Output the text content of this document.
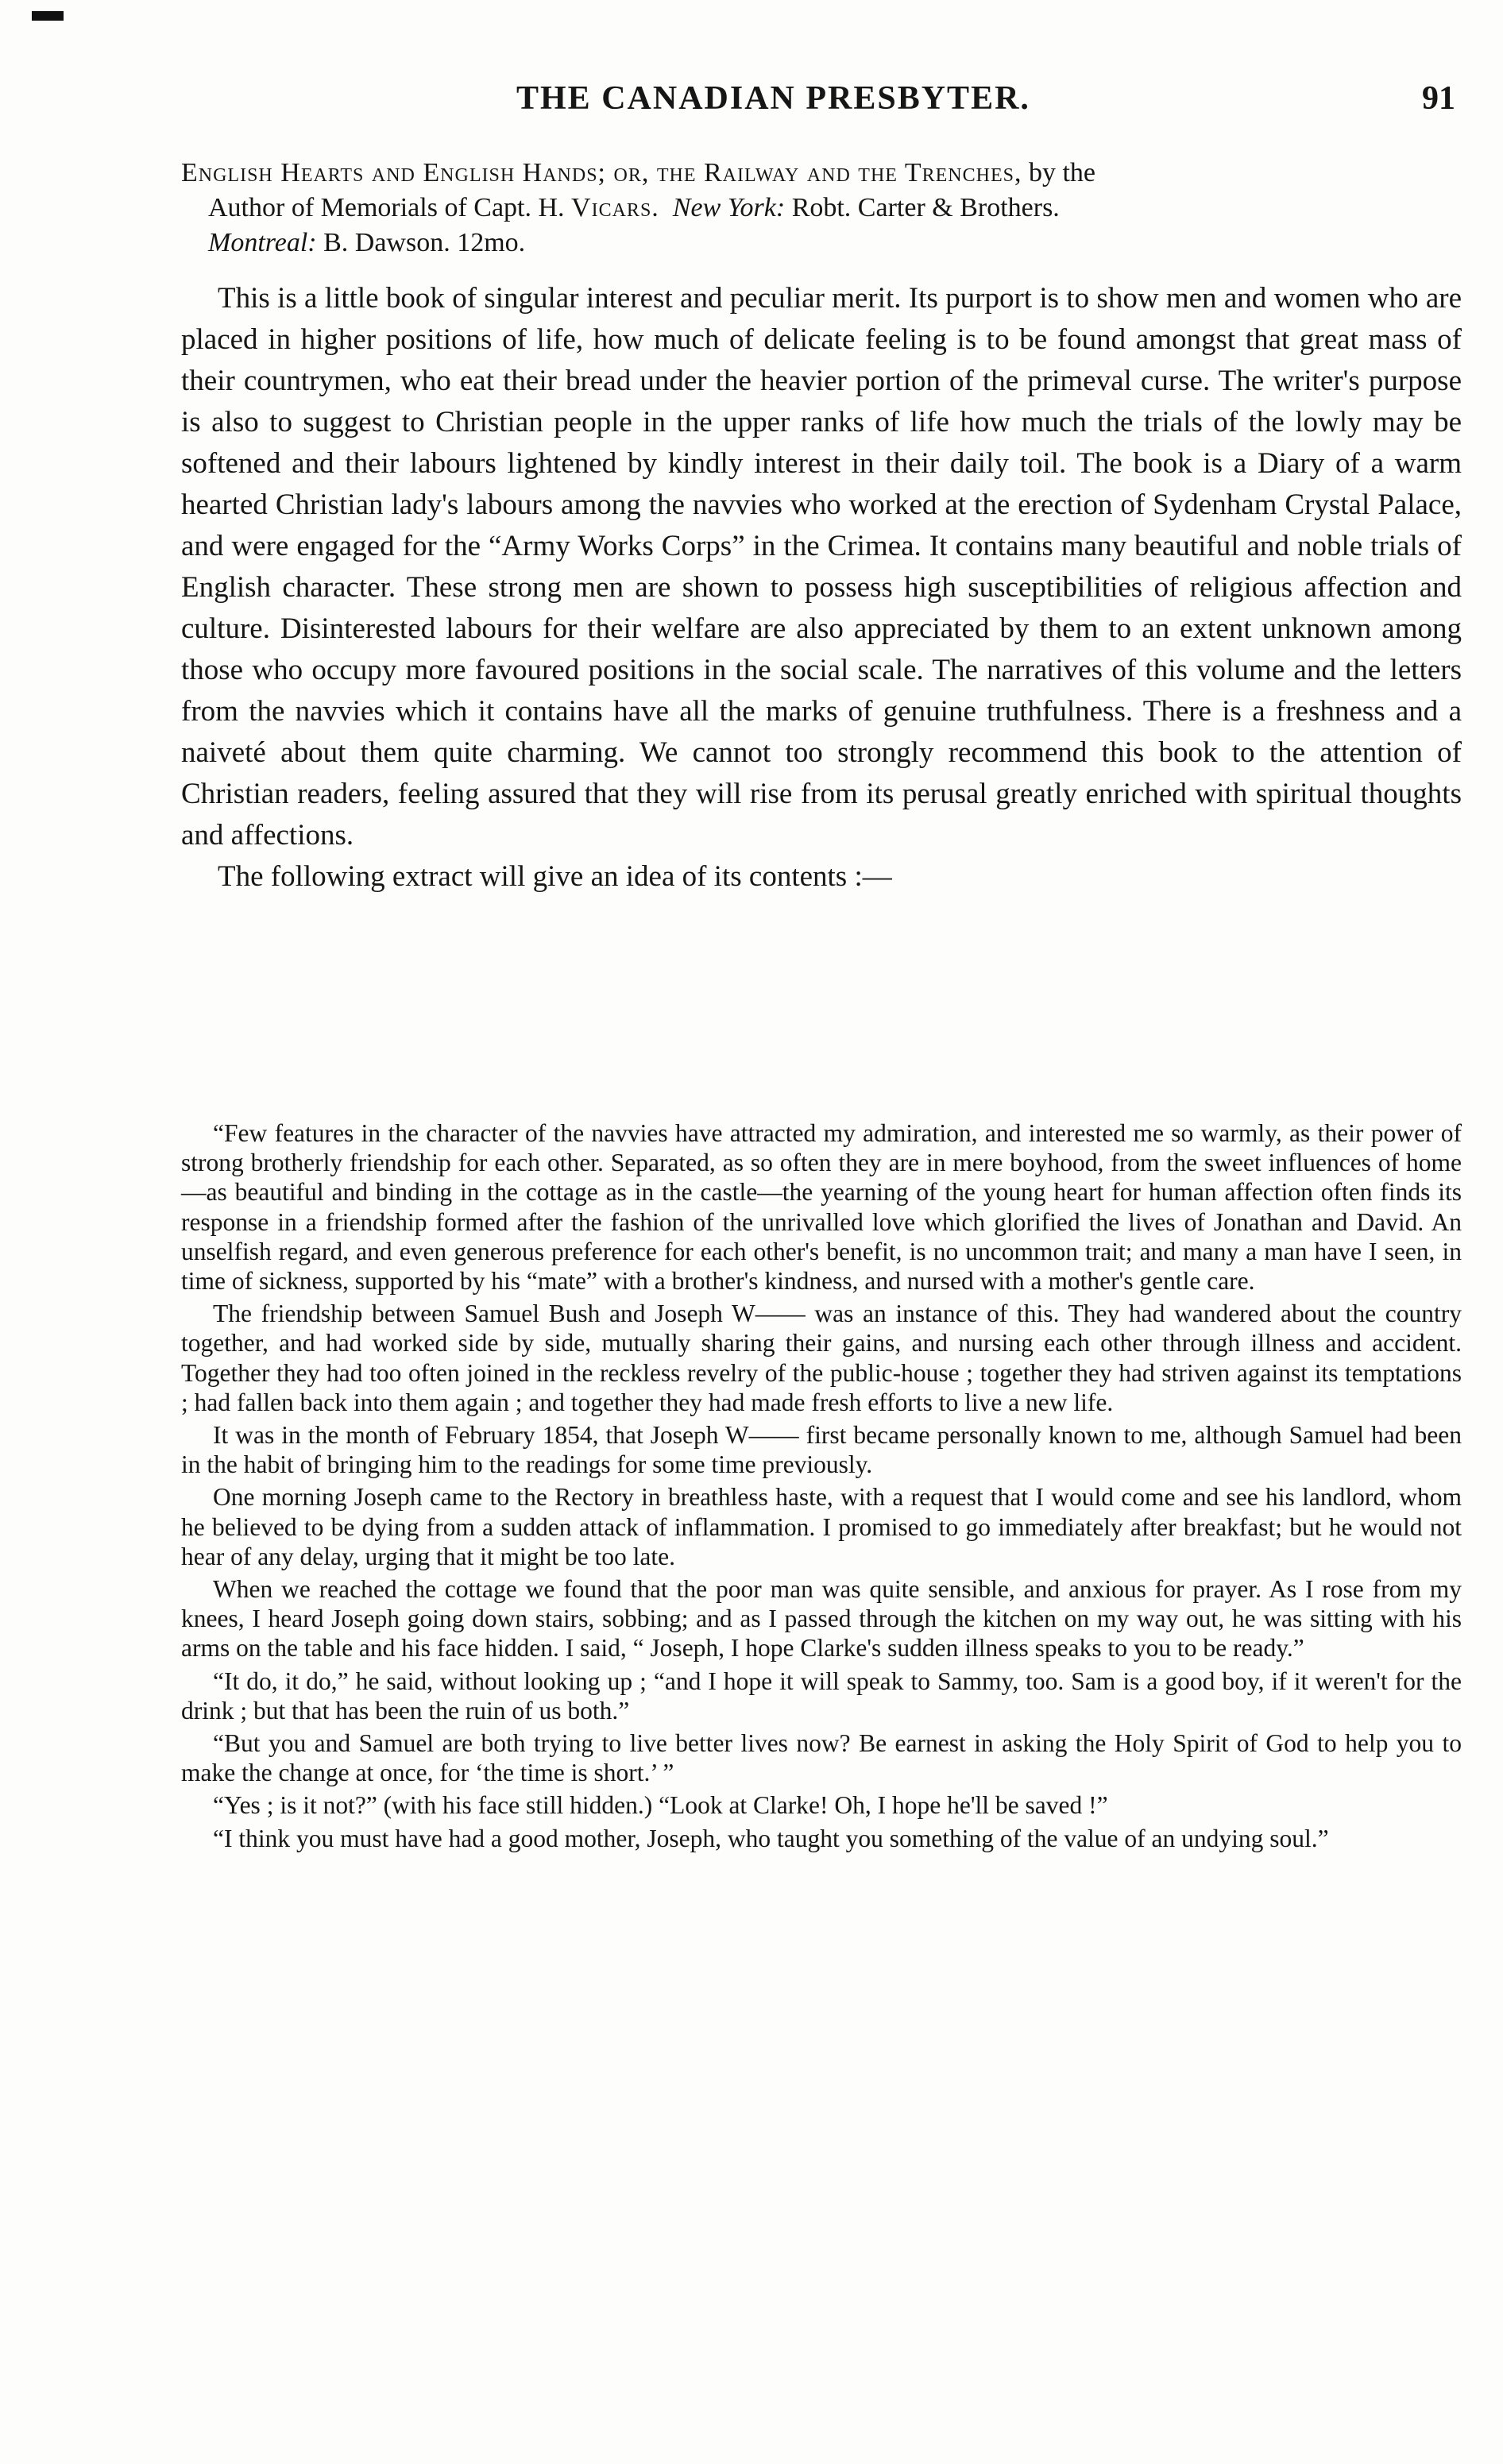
THE CANADIAN PRESBYTER.	91
English Hearts and English Hands; or, the Railway and the Trenches, by the
Author of Memorials of Capt. H. Vicars. New York: Robt. Carter & Brothers.
Montreal: B. Dawson. 12mo.

This is a little book of singular interest and peculiar merit. Its purport is to show men and women who are placed in higher positions of life, how much of delicate feeling is to be found amongst that great mass of their countrymen, who eat their bread under the heavier portion of the primeval curse. The writer's purpose is also to suggest to Christian people in the upper ranks of life how much the trials of the lowly may be softened and their labours lightened by kindly interest in their daily toil. The book is a Diary of a warm hearted Christian lady's labours among the navvies who worked at the erection of Sydenham Crystal Palace, and were engaged for the “Army Works Corps” in the Crimea. It contains many beautiful and noble trials of English character. These strong men are shown to possess high susceptibilities of religious affection and culture. Disinterested labours for their welfare are also appreciated by them to an extent unknown among those who occupy more favoured positions in the social scale. The narratives of this volume and the letters from the navvies which it contains have all the marks of genuine truthfulness. There is a freshness and a naiveté about them quite charming. We cannot too strongly recommend this book to the attention of Christian readers, feeling assured that they will rise from its perusal greatly enriched with spiritual thoughts and affections.

The following extract will give an idea of its contents :—

“Few features in the character of the navvies have attracted my admiration, and interested me so warmly, as their power of strong brotherly friendship for each other. Separated, as so often they are in mere boyhood, from the sweet influences of home—as beautiful and binding in the cottage as in the castle—the yearning of the young heart for human affection often finds its response in a friendship formed after the fashion of the unrivalled love which glorified the lives of Jonathan and David. An unselfish regard, and even generous preference for each other's benefit, is no uncommon trait; and many a man have I seen, in time of sickness, supported by his “mate” with a brother's kindness, and nursed with a mother's gentle care.

The friendship between Samuel Bush and Joseph W—— was an instance of this. They had wandered about the country together, and had worked side by side, mutually sharing their gains, and nursing each other through illness and accident. Together they had too often joined in the reckless revelry of the public-house ; together they had striven against its temptations ; had fallen back into them again ; and together they had made fresh efforts to live a new life.

It was in the month of February 1854, that Joseph W—— first became personally known to me, although Samuel had been in the habit of bringing him to the readings for some time previously.

One morning Joseph came to the Rectory in breathless haste, with a request that I would come and see his landlord, whom he believed to be dying from a sudden attack of inflammation. I promised to go immediately after breakfast; but he would not hear of any delay, urging that it might be too late.

When we reached the cottage we found that the poor man was quite sensible, and anxious for prayer. As I rose from my knees, I heard Joseph going down stairs, sobbing; and as I passed through the kitchen on my way out, he was sitting with his arms on the table and his face hidden. I said, “ Joseph, I hope Clarke's sudden illness speaks to you to be ready.”

“It do, it do,” he said, without looking up ; “and I hope it will speak to Sammy, too. Sam is a good boy, if it weren't for the drink ; but that has been the ruin of us both.”

“But you and Samuel are both trying to live better lives now? Be earnest in asking the Holy Spirit of God to help you to make the change at once, for ‘the time is short.’ ”

“Yes ; is it not?” (with his face still hidden.) “Look at Clarke! Oh, I hope he'll be saved !”

“I think you must have had a good mother, Joseph, who taught you something of the value of an undying soul.”
